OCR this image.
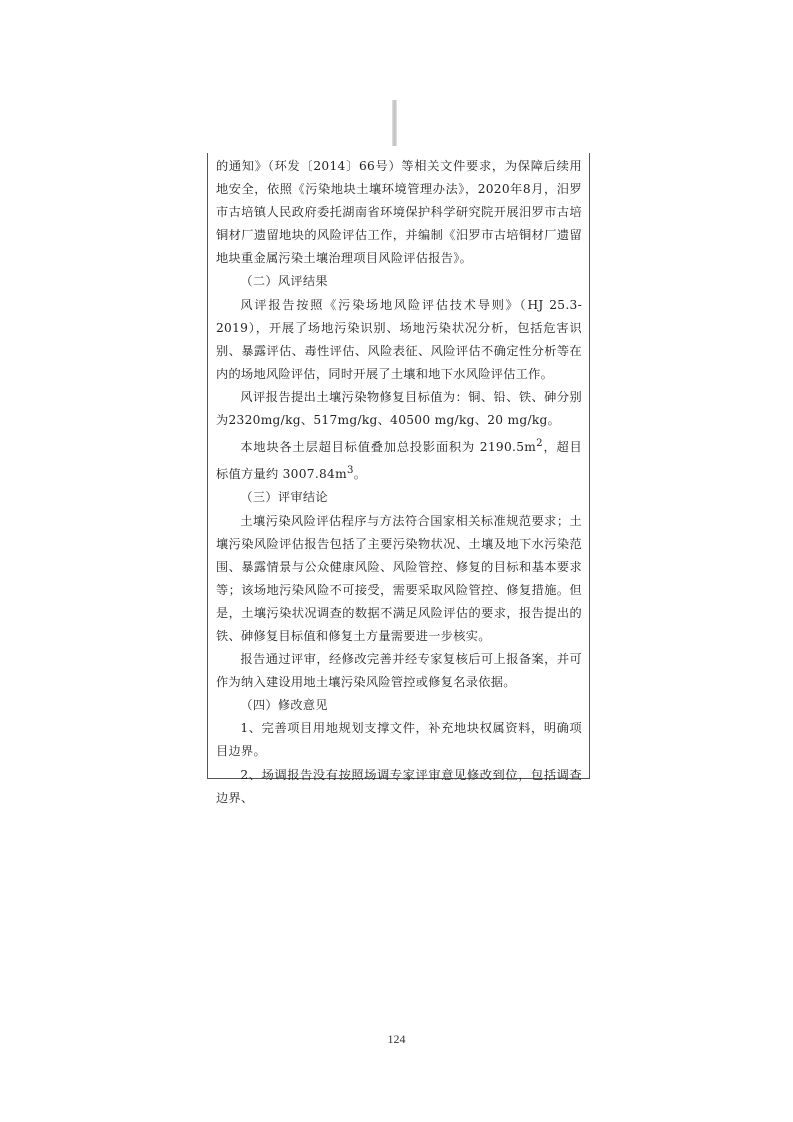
的通知》（环发〔2014〕66号）等相关文件要求，为保障后续用地安全，依照《污染地块土壤环境管理办法》，2020年8月，汨罗市古培镇人民政府委托湖南省环境保护科学研究院开展汨罗市古培铜材厂遗留地块的风险评估工作，并编制《汨罗市古培铜材厂遗留地块重金属污染土壤治理项目风险评估报告》。

（二）风评结果

风评报告按照《污染场地风险评估技术导则》（HJ 25.3-2019），开展了场地污染识别、场地污染状况分析，包括危害识别、暴露评估、毒性评估、风险表征、风险评估不确定性分析等在内的场地风险评估，同时开展了土壤和地下水风险评估工作。

风评报告提出土壤污染物修复目标值为：铜、铅、铁、砷分别为2320mg/kg、517mg/kg、40500 mg/kg、20 mg/kg。

本地块各土层超目标值叠加总投影面积为 $2190.5m^2$，超目标值方量约 $3007.84m^3$。

（三）评审结论

土壤污染风险评估程序与方法符合国家相关标准规范要求；土壤污染风险评估报告包括了主要污染物状况、土壤及地下水污染范围、暴露情景与公众健康风险、风险管控、修复的目标和基本要求等；该场地污染风险不可接受，需要采取风险管控、修复措施。但是，土壤污染状况调查的数据不满足风险评估的要求，报告提出的铁、砷修复目标值和修复土方量需要进一步核实。

报告通过评审，经修改完善并经专家复核后可上报备案，并可作为纳入建设用地土壤污染风险管控或修复名录依据。

（四）修改意见

1、完善项目用地规划支撑文件，补充地块权属资料，明确项目边界。

2、场调报告没有按照场调专家评审意见修改到位，包括调查边界、

124
